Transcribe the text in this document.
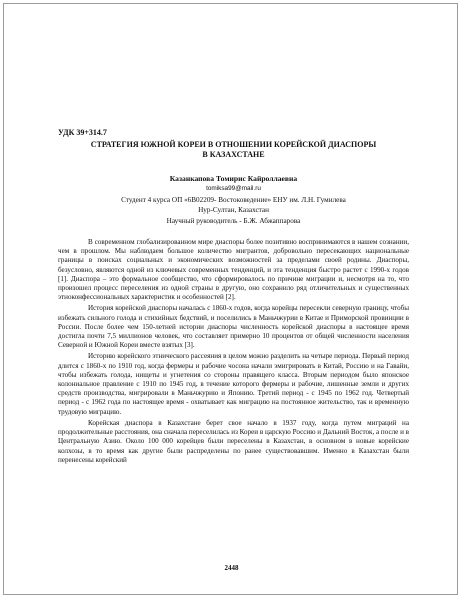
УДК 39+314.7
СТРАТЕГИЯ ЮЖНОЙ КОРЕИ В ОТНОШЕНИИ КОРЕЙСКОЙ ДИАСПОРЫ
В КАЗАХСТАНЕ
Казанкапова Томирис Кайроллаевна
tomiksa99@mail.ru
Студент 4 курса ОП «6В02209- Востоковедение» ЕНУ им. Л.Н. Гумилева
Нур-Султан, Казахстан
Научный руководитель - Б.Ж. Абжаппарова

В современном глобализированном мире диаспоры более позитивно воспринимаются в нашем сознании, чем в прошлом. Мы наблюдаем большое количество мигрантов, добровольно пересекающих национальные границы в поисках социальных и экономических возможностей за пределами своей родины. Диаспоры, безусловно, являются одной из ключевых современных тенденций, и эта тенденция быстро растет с 1990-х годов [1]. Диаспора – это формальное сообщество, что сформировалось по причине миграции и, несмотря на то, что произошел процесс переселения из одной страны в другую, оно сохранило ряд отличительных и существенных этноконфессиональных характеристик и особенностей [2].

История корейской диаспоры началась с 1860-х годов, когда корейцы пересекли северную границу, чтобы избежать сильного голода и стихийных бедствий, и поселились в Маньчжурии в Китае и Приморской провинции в России. После более чем 150-летней истории диаспоры численность корейской диаспоры в настоящее время достигла почти 7,5 миллионов человек, что составляет примерно 10 процентов от общей численности населения Северной и Южной Кореи вместе взятых [3].

Историю корейского этнического рассеяния в целом можно разделить на четыре периода. Первый период длится с 1860-х по 1910 год, когда фермеры и рабочие чосона начали эмигрировать в Китай, Россию и на Гавайи, чтобы избежать голода, нищеты и угнетения со стороны правящего класса. Вторым периодом было японское колониальное правление с 1910 по 1945 год, в течение которого фермеры и рабочие, лишенные земли и других средств производства, мигрировали в Маньчжурию и Японию. Третий период - с 1945 по 1962 год. Четвертый период - с 1962 года по настоящее время - охватывает как миграцию на постоянное жительство, так и временную трудовую миграцию.

Корейская диаспора в Казахстане берет свое начало в 1937 году, когда путем миграций на продолжительные расстояния, она сначала переселилась из Кореи в царскую Россию и Дальний Восток, а после и в Центральную Азию. Около 100 000 корейцев были переселены в Казахстан, в основном в новые корейские колхозы, в то время как другие были распределены по ранее существовавшим. Именно в Казахстан были перенесены корейский

2448
